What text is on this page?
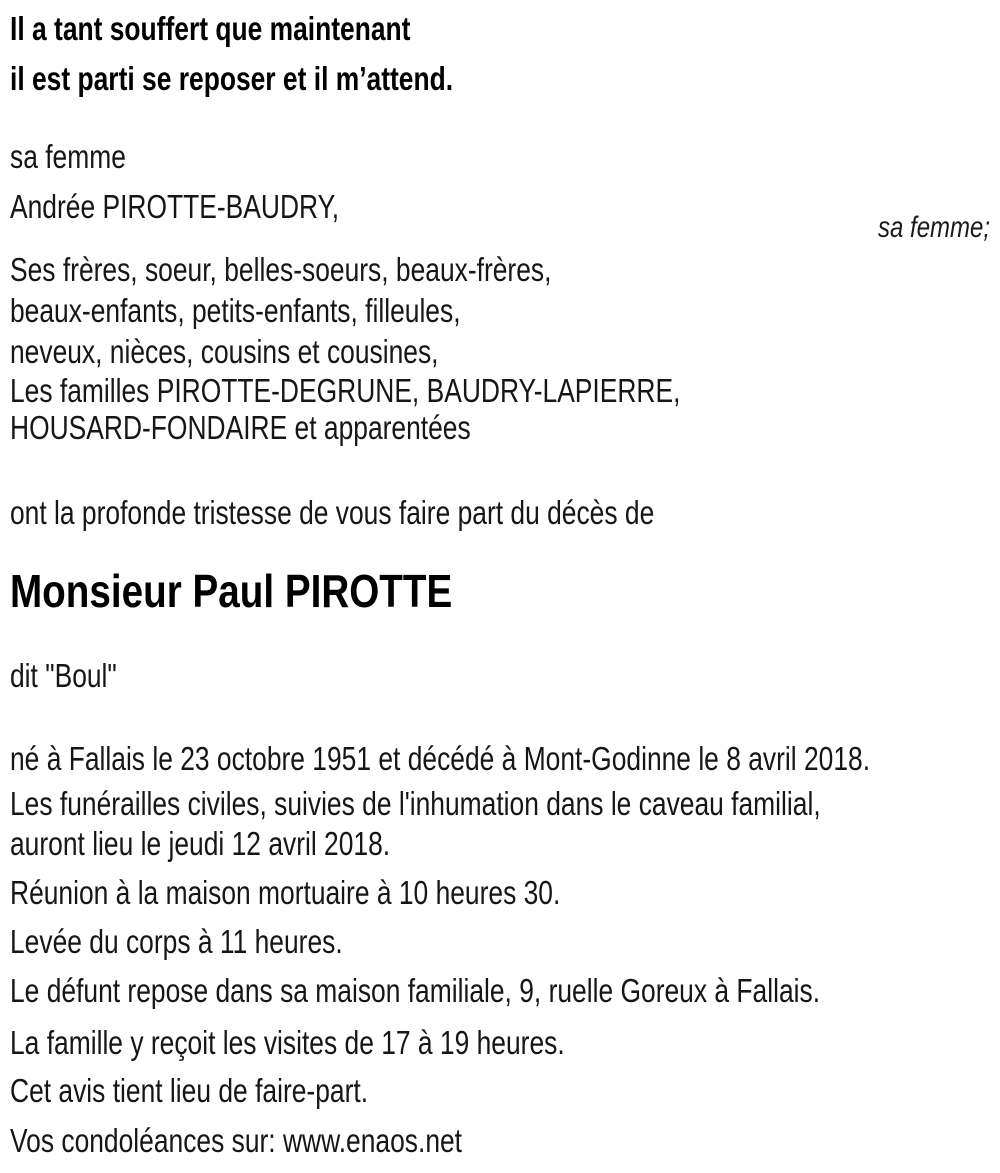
Il a tant souffert que maintenant
il est parti se reposer et il m’attend.
sa femme
Andrée PIROTTE-BAUDRY,
sa femme;
Ses frères, soeur, belles-soeurs, beaux-frères,
beaux-enfants, petits-enfants, filleules,
neveux, nièces, cousins et cousines,
Les familles PIROTTE-DEGRUNE, BAUDRY-LAPIERRE,
HOUSARD-FONDAIRE et apparentées
ont la profonde tristesse de vous faire part du décès de
Monsieur Paul PIROTTE
dit "Boul"
né à Fallais le 23 octobre 1951 et décédé à Mont-Godinne le 8 avril 2018.
Les funérailles civiles, suivies de l'inhumation dans le caveau familial,
auront lieu le jeudi 12 avril 2018.
Réunion à la maison mortuaire à 10 heures 30.
Levée du corps à 11 heures.
Le défunt repose dans sa maison familiale, 9, ruelle Goreux à Fallais.
La famille y reçoit les visites de 17 à 19 heures.
Cet avis tient lieu de faire-part.
Vos condoléances sur: www.enaos.net
